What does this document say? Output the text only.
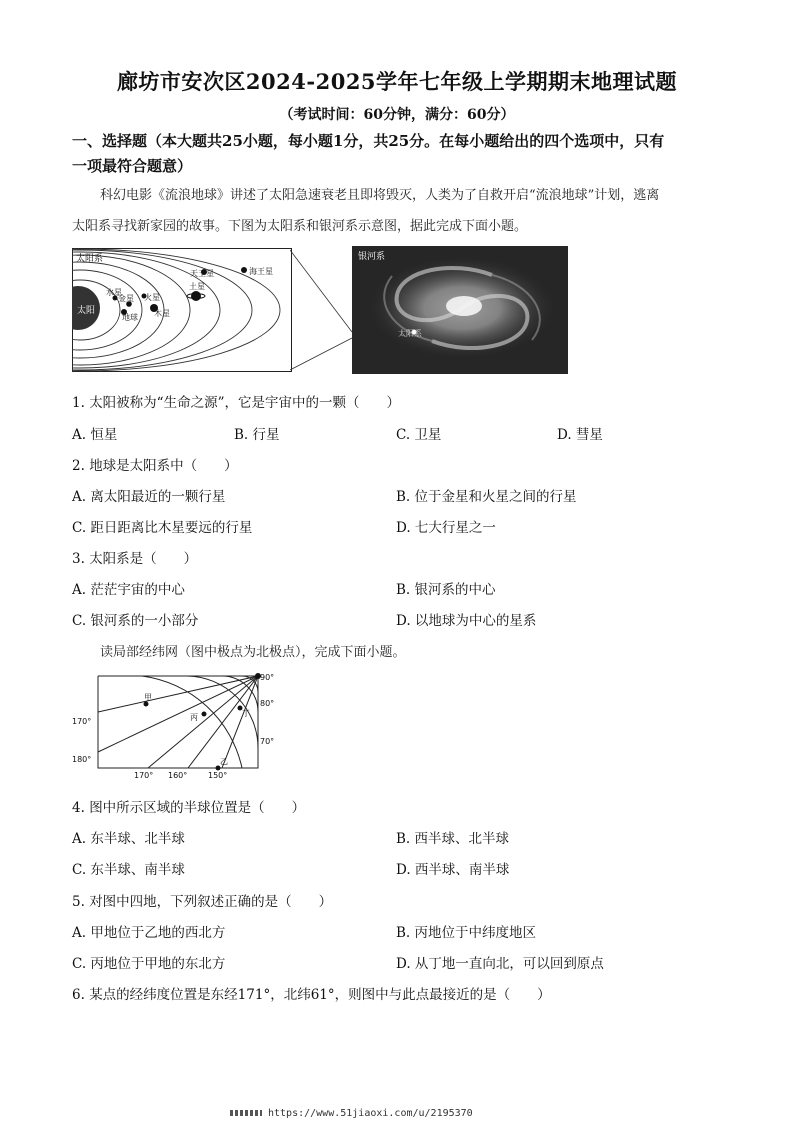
廊坊市安次区2024-2025学年七年级上学期期末地理试题
（考试时间：60分钟，满分：60分）
一、选择题（本大题共25小题，每小题1分，共25分。在每小题给出的四个选项中，只有
一项最符合题意）
科幻电影《流浪地球》讲述了太阳急速衰老且即将毁灭，人类为了自救开启“流浪地球”计划，逃离
太阳系寻找新家园的故事。下图为太阳系和银河系示意图，据此完成下面小题。
太阳
太阳系
水星
金星
地球
火星
木星
土星
天王星	海王星
银河系
太阳系
1. 太阳被称为“生命之源”，它是宇宙中的一颗（　　）
A. 恒星	B. 行星	C. 卫星	D. 彗星
2. 地球是太阳系中（　　）
A. 离太阳最近的一颗行星	B. 位于金星和火星之间的行星
C. 距日距离比木星要远的行星	D. 七大行星之一
3. 太阳系是（　　）
A. 茫茫宇宙的中心	B. 银河系的中心
C. 银河系的一小部分	D. 以地球为中心的星系
读局部经纬网（图中极点为北极点），完成下面小题。
90°
80°
70°
170°
180°
170° 160°	150°
甲
丙	丁
乙
4. 图中所示区域的半球位置是（　　）
A. 东半球、北半球	B. 西半球、北半球
C. 东半球、南半球	D. 西半球、南半球
5. 对图中四地，下列叙述正确的是（　　）
A. 甲地位于乙地的西北方	B. 丙地位于中纬度地区
C. 丙地位于甲地的东北方	D. 从丁地一直向北，可以回到原点
6. 某点的经纬度位置是东经171°，北纬61°，则图中与此点最接近的是（　　）
https://www.51jiaoxi.com/u/2195370
